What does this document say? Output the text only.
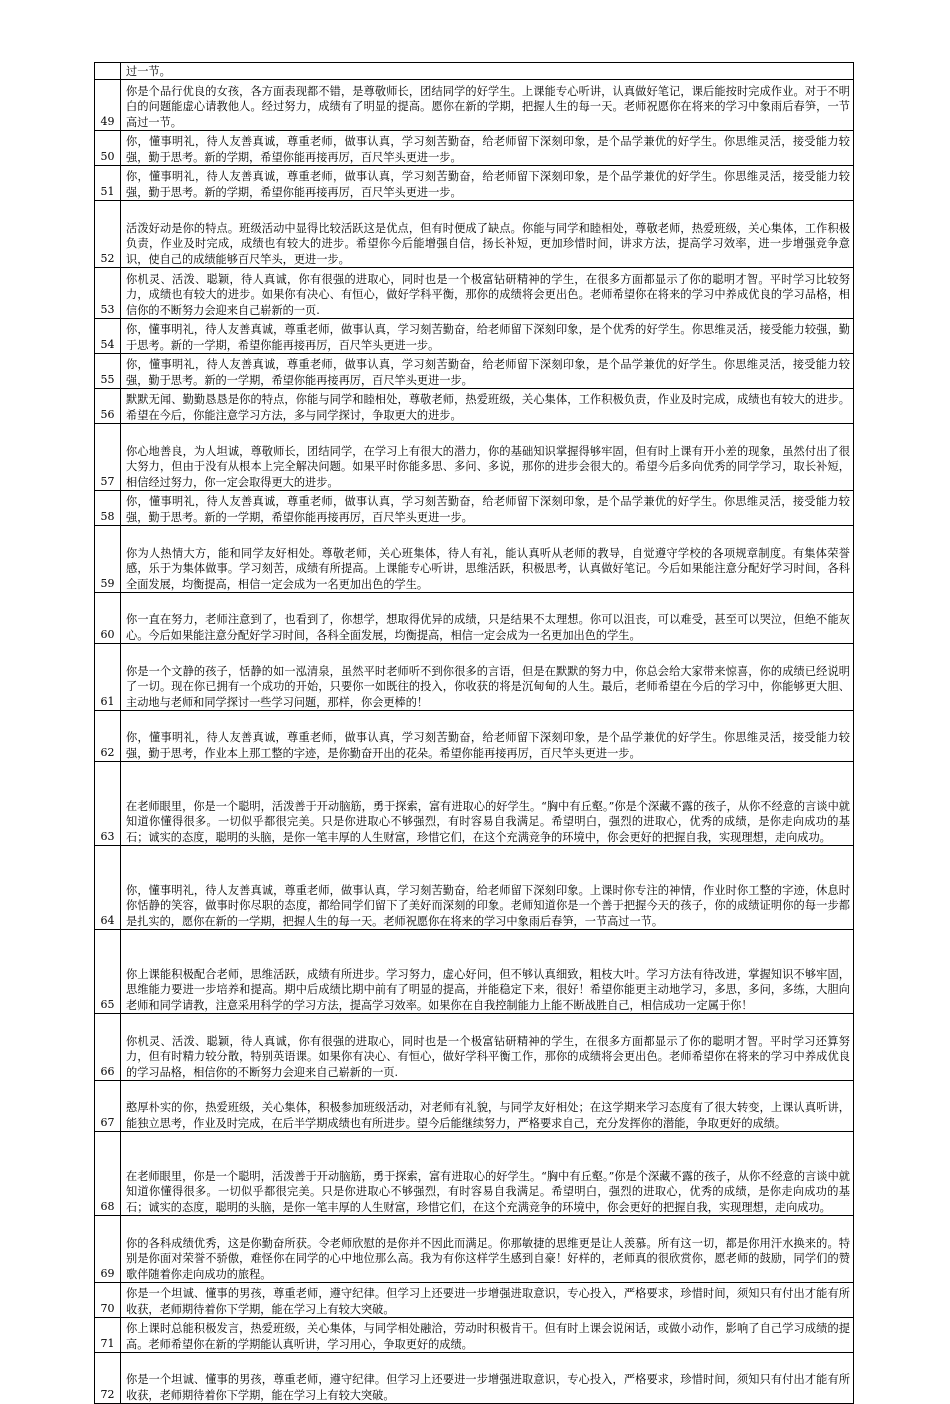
	过一节。
49	你是个品行优良的女孩，各方面表现都不错，是尊敬师长，团结同学的好学生。上课能专心听讲，认真做好笔记，课后能按时完成作业。对于不明白的问题能虚心请教他人。经过努力，成绩有了明显的提高。愿你在新的学期，把握人生的每一天。老师祝愿你在将来的学习中象雨后春笋，一节高过一节。
50	你，懂事明礼，待人友善真诚，尊重老师，做事认真，学习刻苦勤奋，给老师留下深刻印象，是个品学兼优的好学生。你思维灵活，接受能力较强，勤于思考。新的学期，希望你能再接再厉，百尺竿头更进一步。
51	你，懂事明礼，待人友善真诚，尊重老师，做事认真，学习刻苦勤奋，给老师留下深刻印象，是个品学兼优的好学生。你思维灵活，接受能力较强，勤于思考。新的学期，希望你能再接再厉，百尺竿头更进一步。
52	活泼好动是你的特点。班级活动中显得比较活跃这是优点，但有时便成了缺点。你能与同学和睦相处，尊敬老师，热爱班级，关心集体，工作积极负责，作业及时完成，成绩也有较大的进步。希望你今后能增强自信，扬长补短，更加珍惜时间，讲求方法，提高学习效率，进一步增强竞争意识，使自己的成绩能够百尺竿头，更进一步。
53	你机灵、活泼、聪颖，待人真诚，你有很强的进取心，同时也是一个极富钻研精神的学生，在很多方面都显示了你的聪明才智。平时学习比较努力，成绩也有较大的进步。如果你有决心、有恒心，做好学科平衡，那你的成绩将会更出色。老师希望你在将来的学习中养成优良的学习品格，相信你的不断努力会迎来自己崭新的一页.
54	你，懂事明礼，待人友善真诚，尊重老师，做事认真，学习刻苦勤奋，给老师留下深刻印象，是个优秀的好学生。你思维灵活，接受能力较强，勤于思考。新的一学期，希望你能再接再厉，百尺竿头更进一步。
55	你，懂事明礼，待人友善真诚，尊重老师，做事认真，学习刻苦勤奋，给老师留下深刻印象，是个品学兼优的好学生。你思维灵活，接受能力较强，勤于思考。新的一学期，希望你能再接再厉，百尺竿头更进一步。
56	默默无闻、勤勤恳恳是你的特点，你能与同学和睦相处，尊敬老师，热爱班级，关心集体，工作积极负责，作业及时完成，成绩也有较大的进步。希望在今后，你能注意学习方法，多与同学探讨，争取更大的进步。
57	你心地善良，为人坦诚，尊敬师长，团结同学，在学习上有很大的潜力，你的基础知识掌握得够牢固，但有时上课有开小差的现象，虽然付出了很大努力，但由于没有从根本上完全解决问题。如果平时你能多思、多问、多说，那你的进步会很大的。希望今后多向优秀的同学学习，取长补短，相信经过努力，你一定会取得更大的进步。
58	你，懂事明礼，待人友善真诚，尊重老师，做事认真，学习刻苦勤奋，给老师留下深刻印象，是个品学兼优的好学生。你思维灵活，接受能力较强，勤于思考。新的一学期，希望你能再接再厉，百尺竿头更进一步。
59	你为人热情大方，能和同学友好相处。尊敬老师，关心班集体，待人有礼，能认真听从老师的教导，自觉遵守学校的各项规章制度。有集体荣誉感，乐于为集体做事。学习刻苦，成绩有所提高。上课能专心听讲，思维活跃，积极思考，认真做好笔记。今后如果能注意分配好学习时间，各科全面发展，均衡提高，相信一定会成为一名更加出色的学生。
60	你一直在努力，老师注意到了，也看到了，你想学，想取得优异的成绩，只是结果不太理想。你可以沮丧，可以难受，甚至可以哭泣，但绝不能灰心。今后如果能注意分配好学习时间，各科全面发展，均衡提高，相信一定会成为一名更加出色的学生。
61	你是一个文静的孩子，恬静的如一泓清泉，虽然平时老师听不到你很多的言语，但是在默默的努力中，你总会给大家带来惊喜，你的成绩已经说明了一切。现在你已拥有一个成功的开始，只要你一如既往的投入，你收获的将是沉甸甸的人生。最后，老师希望在今后的学习中，你能够更大胆、主动地与老师和同学探讨一些学习问题，那样，你会更棒的！
62	你，懂事明礼，待人友善真诚，尊重老师，做事认真，学习刻苦勤奋，给老师留下深刻印象，是个品学兼优的好学生。你思维灵活，接受能力较强，勤于思考，作业本上那工整的字迹，是你勤奋开出的花朵。希望你能再接再厉，百尺竿头更进一步。
63	在老师眼里，你是一个聪明，活泼善于开动脑筋，勇于探索，富有进取心的好学生。“胸中有丘壑。”你是个深藏不露的孩子，从你不经意的言谈中就知道你懂得很多。一切似乎都很完美。只是你进取心不够强烈，有时容易自我满足。希望明白，强烈的进取心，优秀的成绩，是你走向成功的基石；诚实的态度，聪明的头脑，是你一笔丰厚的人生财富，珍惜它们，在这个充满竞争的环境中，你会更好的把握自我，实现理想，走向成功。
64	你，懂事明礼，待人友善真诚，尊重老师，做事认真，学习刻苦勤奋，给老师留下深刻印象。上课时你专注的神情，作业时你工整的字迹，休息时你恬静的笑容，做事时你尽职的态度，都给同学们留下了美好而深刻的印象。老师知道你是一个善于把握今天的孩子，你的成绩证明你的每一步都是扎实的，愿你在新的一学期，把握人生的每一天。老师祝愿你在将来的学习中象雨后春笋，一节高过一节。
65	你上课能积极配合老师，思维活跃，成绩有所进步。学习努力，虚心好问，但不够认真细致，粗枝大叶。学习方法有待改进，掌握知识不够牢固，思维能力要进一步培养和提高。期中后成绩比期中前有了明显的提高，并能稳定下来，很好！希望你能更主动地学习，多思，多问，多练，大胆向老师和同学请教，注意采用科学的学习方法，提高学习效率。如果你在自我控制能力上能不断战胜自己，相信成功一定属于你！
66	你机灵、活泼、聪颖，待人真诚，你有很强的进取心，同时也是一个极富钻研精神的学生，在很多方面都显示了你的聪明才智。平时学习还算努力，但有时精力较分散，特别英语课。如果你有决心、有恒心，做好学科平衡工作，那你的成绩将会更出色。老师希望你在将来的学习中养成优良的学习品格，相信你的不断努力会迎来自己崭新的一页.
67	憨厚朴实的你，热爱班级，关心集体，积极参加班级活动，对老师有礼貌，与同学友好相处；在这学期来学习态度有了很大转变，上课认真听讲，能独立思考，作业及时完成，在后半学期成绩也有所进步。望今后能继续努力，严格要求自己，充分发挥你的潜能，争取更好的成绩。
68	在老师眼里，你是一个聪明，活泼善于开动脑筋，勇于探索，富有进取心的好学生。“胸中有丘壑。”你是个深藏不露的孩子，从你不经意的言谈中就知道你懂得很多。一切似乎都很完美。只是你进取心不够强烈，有时容易自我满足。希望明白，强烈的进取心，优秀的成绩，是你走向成功的基石；诚实的态度，聪明的头脑，是你一笔丰厚的人生财富，珍惜它们，在这个充满竞争的环境中，你会更好的把握自我，实现理想，走向成功。
69	你的各科成绩优秀，这是你勤奋所获。令老师欣慰的是你并不因此而满足。你那敏捷的思维更是让人羡慕。所有这一切，都是你用汗水换来的。特别是你面对荣誉不骄傲，难怪你在同学的心中地位那么高。我为有你这样学生感到自豪！好样的，老师真的很欣赏你，愿老师的鼓励，同学们的赞歌伴随着你走向成功的旅程。
70	你是一个坦诚、懂事的男孩，尊重老师，遵守纪律。但学习上还要进一步增强进取意识，专心投入，严格要求，珍惜时间，须知只有付出才能有所收获，老师期待着你下学期，能在学习上有较大突破。
71	你上课时总能积极发言，热爱班级，关心集体，与同学相处融洽，劳动时积极肯干。但有时上课会说闲话，或做小动作，影响了自己学习成绩的提高。老师希望你在新的学期能认真听讲，学习用心，争取更好的成绩。
72	你是一个坦诚、懂事的男孩，尊重老师，遵守纪律。但学习上还要进一步增强进取意识，专心投入，严格要求，珍惜时间，须知只有付出才能有所收获，老师期待着你下学期，能在学习上有较大突破。
